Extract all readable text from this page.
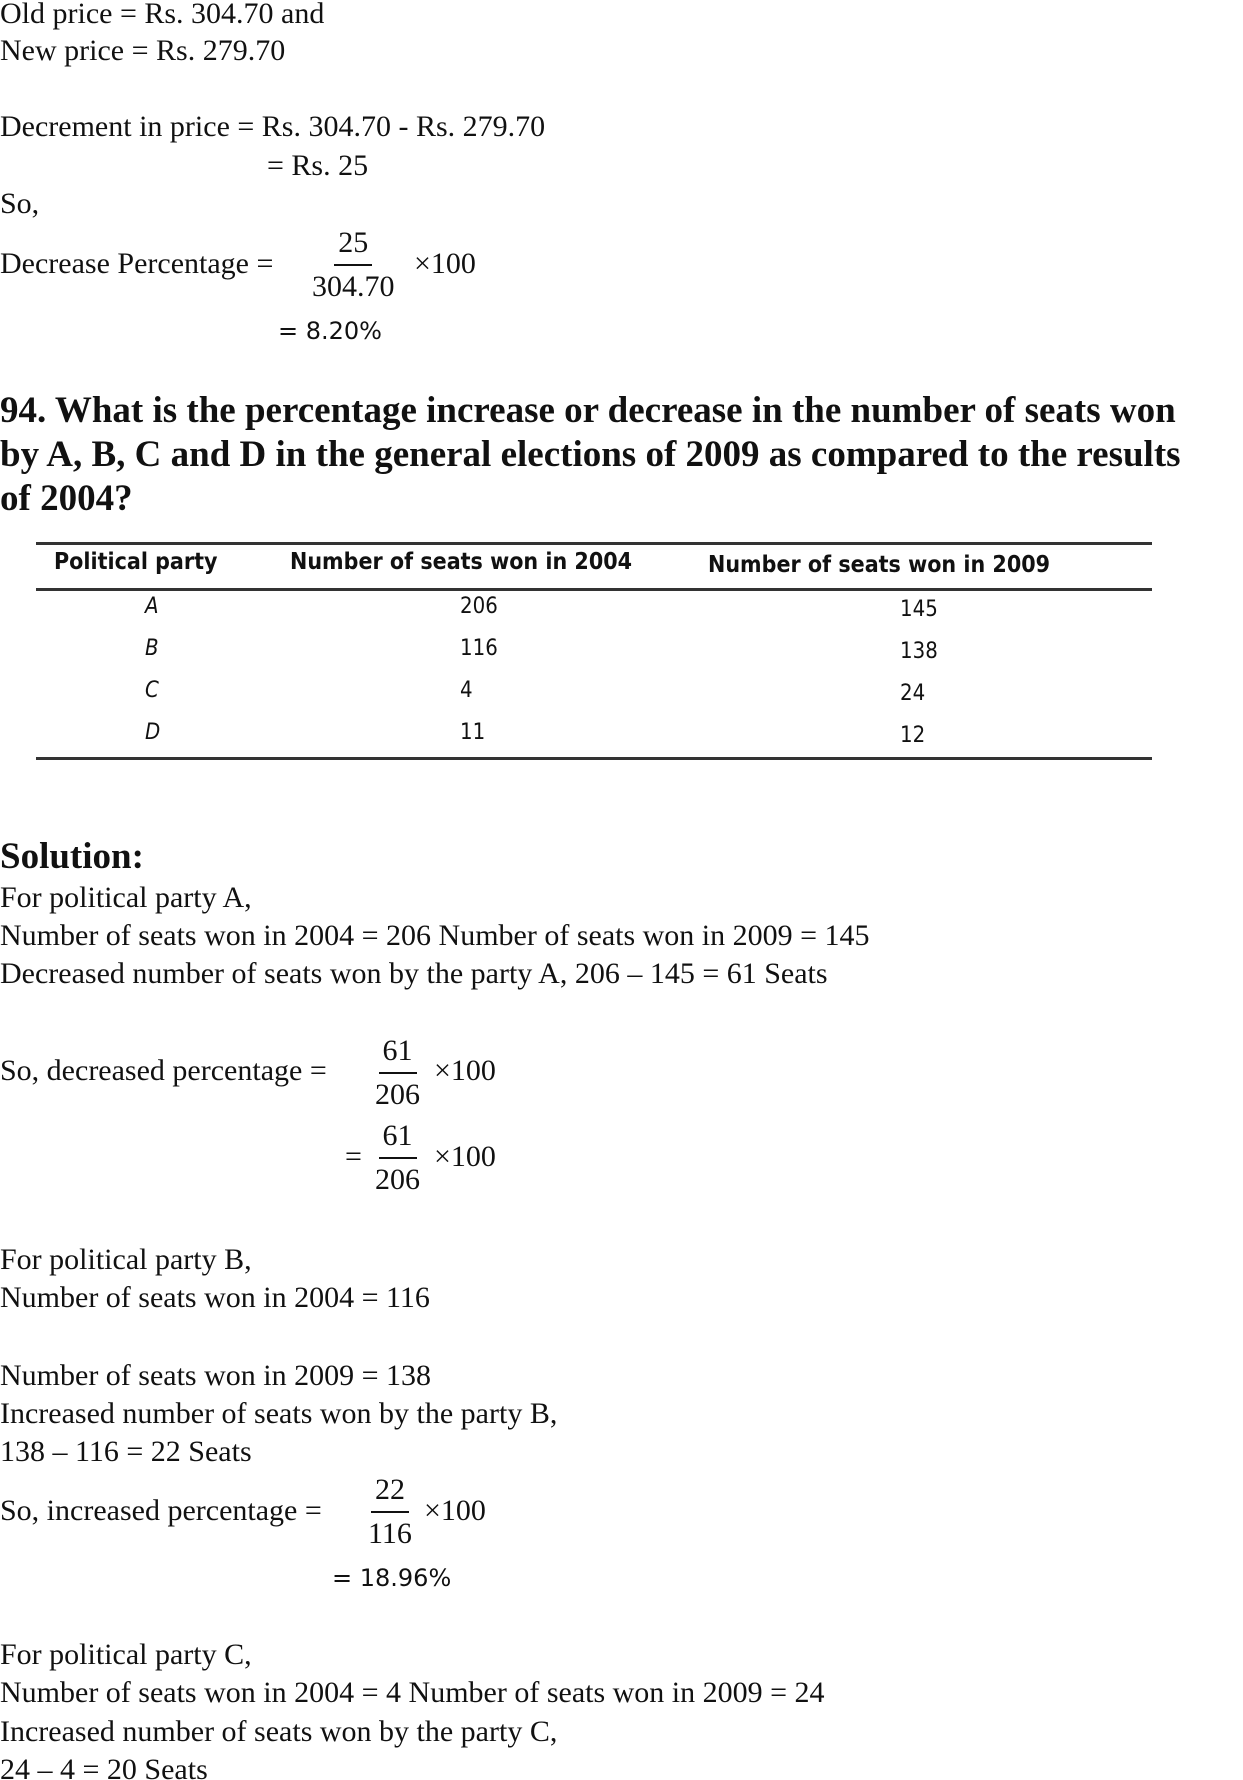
Old price = Rs. 304.70 and
New price = Rs. 279.70
Decrement in price = Rs. 304.70 - Rs. 279.70
= Rs. 25
So,
Decrease Percentage = $\frac{25}{304.70} \times 100$
= 8.20%
94. What is the percentage increase or decrease in the number of seats won
by A, B, C and D in the general elections of 2009 as compared to the results
of 2004?
Political party	Number of seats won in 2004	Number of seats won in 2009
A	206	145
B	116	138
C	4	24
D	11	12
Solution:
For political party A,
Number of seats won in 2004 = 206 Number of seats won in 2009 = 145
Decreased number of seats won by the party A, 206 – 145 = 61 Seats
So, decreased percentage = $\frac{61}{206} \times 100$
= $\frac{61}{206} \times 100$
For political party B,
Number of seats won in 2004 = 116
Number of seats won in 2009 = 138
Increased number of seats won by the party B,
138 – 116 = 22 Seats
So, increased percentage = $\frac{22}{116} \times 100$
= 18.96%
For political party C,
Number of seats won in 2004 = 4 Number of seats won in 2009 = 24
Increased number of seats won by the party C,
24 – 4 = 20 Seats
